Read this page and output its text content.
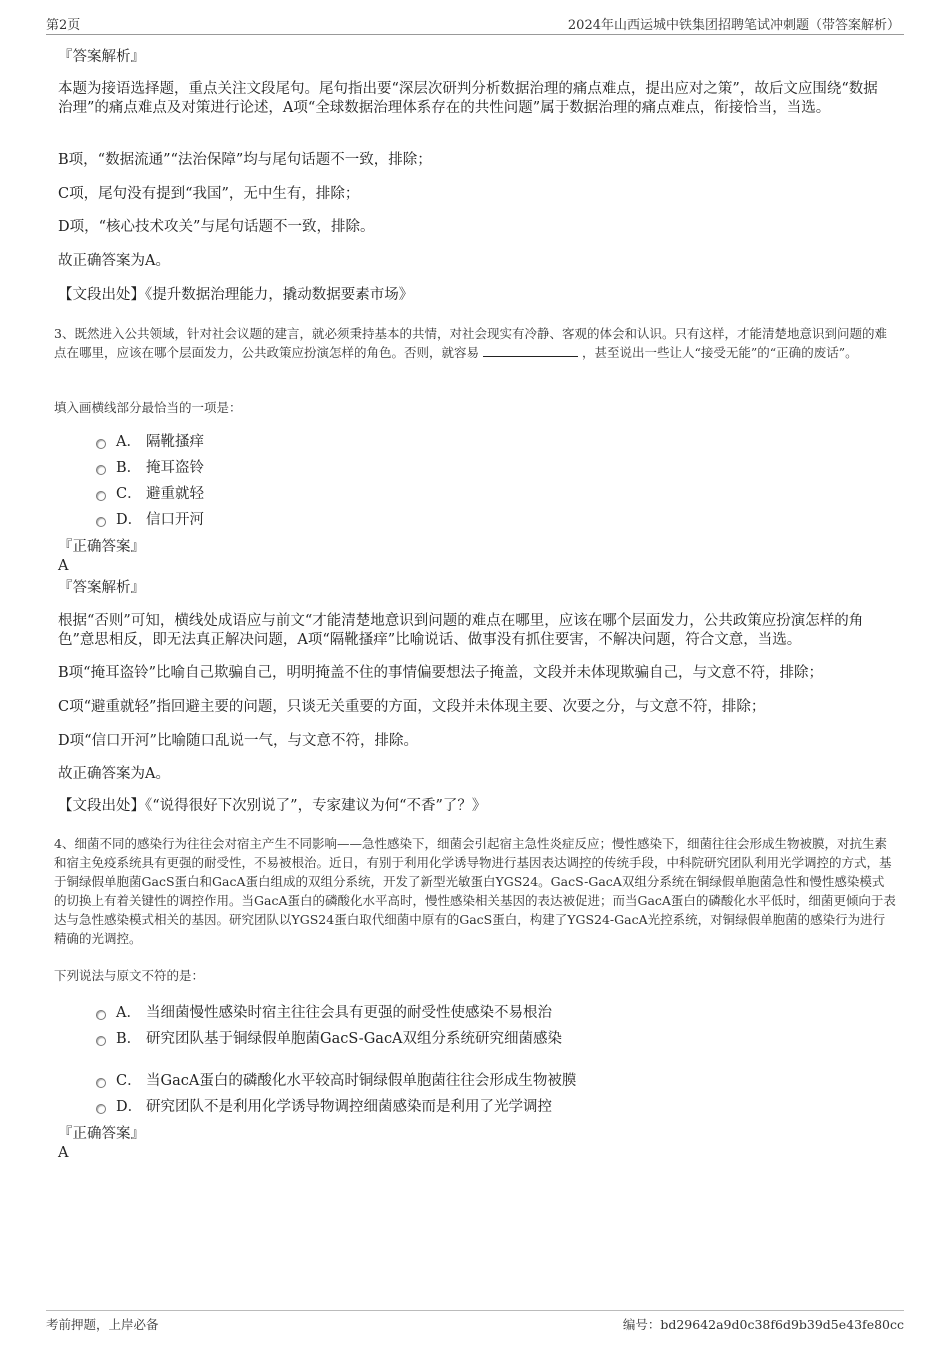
第2页	2024年山西运城中铁集团招聘笔试冲刺题（带答案解析）
『答案解析』
本题为接语选择题，重点关注文段尾句。尾句指出要“深层次研判分析数据治理的痛点难点，提出应对之策”，故后文应围绕“数据治理”的痛点难点及对策进行论述，A项“全球数据治理体系存在的共性问题”属于数据治理的痛点难点，衔接恰当，当选。
B项，“数据流通”“法治保障”均与尾句话题不一致，排除；
C项，尾句没有提到“我国”，无中生有，排除；
D项，“核心技术攻关”与尾句话题不一致，排除。
故正确答案为A。
【文段出处】《提升数据治理能力，撬动数据要素市场》
3、既然进入公共领域，针对社会议题的建言，就必须秉持基本的共情，对社会现实有冷静、客观的体会和认识。只有这样，才能清楚地意识到问题的难点在哪里，应该在哪个层面发力，公共政策应扮演怎样的角色。否则，就容易	，甚至说出一些让人“接受无能”的“正确的废话”。
填入画横线部分最恰当的一项是：
A． 隔靴搔痒
B． 掩耳盗铃
C． 避重就轻
D． 信口开河
『正确答案』
A
『答案解析』
根据“否则”可知，横线处成语应与前文“才能清楚地意识到问题的难点在哪里，应该在哪个层面发力，公共政策应扮演怎样的角色”意思相反，即无法真正解决问题，A项“隔靴搔痒”比喻说话、做事没有抓住要害，不解决问题，符合文意，当选。
B项“掩耳盗铃”比喻自己欺骗自己，明明掩盖不住的事情偏要想法子掩盖，文段并未体现欺骗自己，与文意不符，排除；
C项“避重就轻”指回避主要的问题，只谈无关重要的方面，文段并未体现主要、次要之分，与文意不符，排除；
D项“信口开河”比喻随口乱说一气，与文意不符，排除。
故正确答案为A。
【文段出处】《“说得很好下次别说了”，专家建议为何“不香”了？》
4、细菌不同的感染行为往往会对宿主产生不同影响——急性感染下，细菌会引起宿主急性炎症反应；慢性感染下，细菌往往会形成生物被膜，对抗生素和宿主免疫系统具有更强的耐受性，不易被根治。近日，有别于利用化学诱导物进行基因表达调控的传统手段，中科院研究团队利用光学调控的方式，基于铜绿假单胞菌GacS蛋白和GacA蛋白组成的双组分系统，开发了新型光敏蛋白YGS24。GacS-GacA双组分系统在铜绿假单胞菌急性和慢性感染模式的切换上有着关键性的调控作用。当GacA蛋白的磷酸化水平高时，慢性感染相关基因的表达被促进；而当GacA蛋白的磷酸化水平低时，细菌更倾向于表达与急性感染模式相关的基因。研究团队以YGS24蛋白取代细菌中原有的GacS蛋白，构建了YGS24-GacA光控系统，对铜绿假单胞菌的感染行为进行精确的光调控。
下列说法与原文不符的是：
A． 当细菌慢性感染时宿主往往会具有更强的耐受性使感染不易根治
B． 研究团队基于铜绿假单胞菌GacS-GacA双组分系统研究细菌感染
C． 当GacA蛋白的磷酸化水平较高时铜绿假单胞菌往往会形成生物被膜
D． 研究团队不是利用化学诱导物调控细菌感染而是利用了光学调控
『正确答案』
A
考前押题，上岸必备	编号：bd29642a9d0c38f6d9b39d5e43fe80cc
